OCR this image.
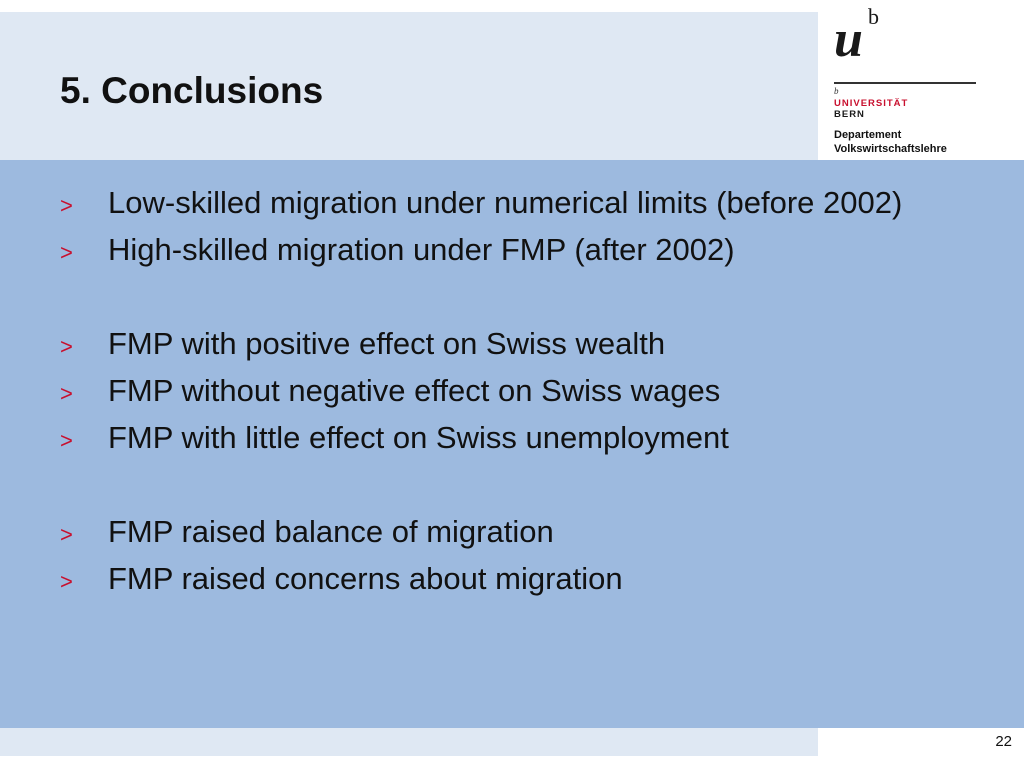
5. Conclusions
u b
b
UNIVERSITÄT
BERN
Departement
Volkswirtschaftslehre
> Low-skilled migration under numerical limits (before 2002)
> High-skilled migration under FMP (after 2002)
> FMP with positive effect on Swiss wealth
> FMP without negative effect on Swiss wages
> FMP with little effect on Swiss unemployment
> FMP raised balance of migration
> FMP raised concerns about migration
22
